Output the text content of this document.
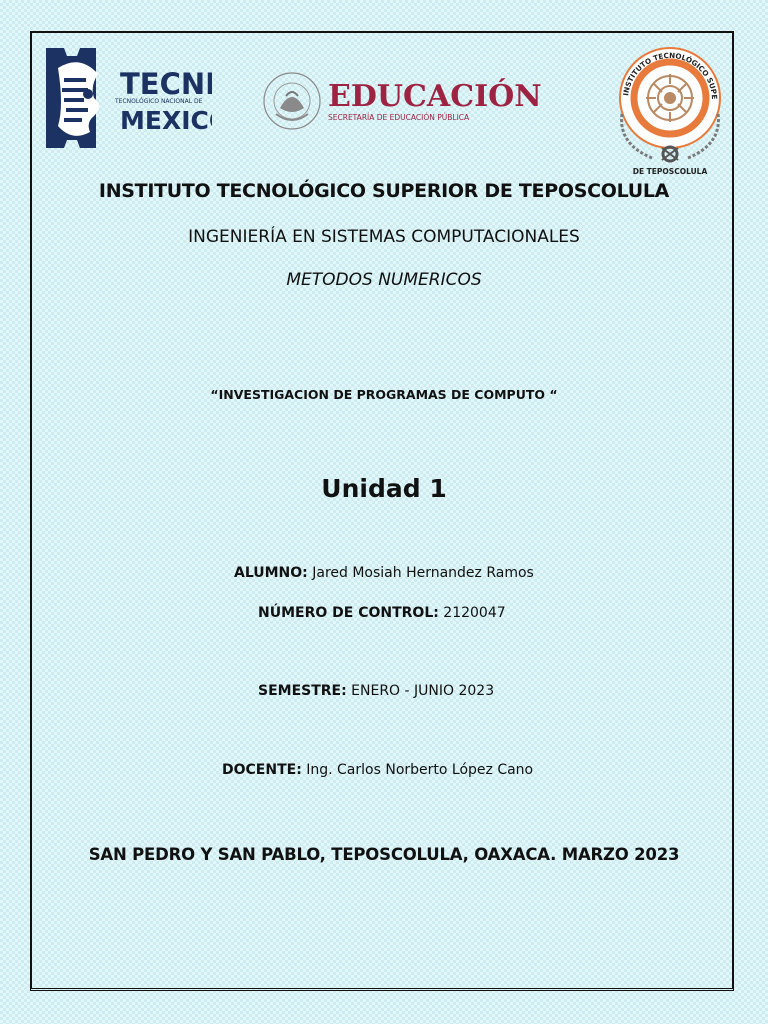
TECN
TECNOLÓGICO NACIONAL DE
MEXIC
EDUCACIÓN
SECRETARÍA DE EDUCACIÓN PÚBLICA
DE TEPOSCOLULA
INSTITUTO TECNOLÓGICO SUPE
INSTITUTO TECNOLÓGICO SUPERIOR DE TEPOSCOLULA
INGENIERÍA EN SISTEMAS COMPUTACIONALES
METODOS NUMERICOS
“INVESTIGACION DE PROGRAMAS DE COMPUTO “
Unidad 1
ALUMNO: Jared Mosiah Hernandez Ramos
NÚMERO DE CONTROL: 2120047
SEMESTRE: ENERO - JUNIO 2023
DOCENTE: Ing. Carlos Norberto López Cano
SAN PEDRO Y SAN PABLO, TEPOSCOLULA, OAXACA. MARZO 2023
